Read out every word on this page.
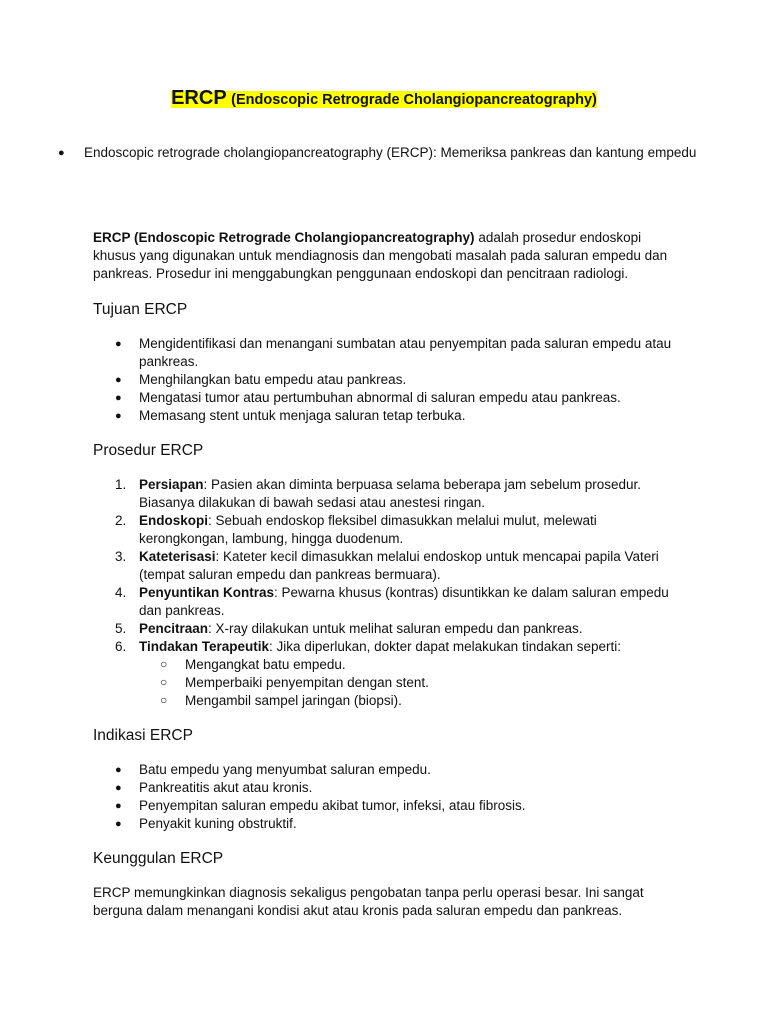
ERCP (Endoscopic Retrograde Cholangiopancreatography)
● Endoscopic retrograde cholangiopancreatography (ERCP): Memeriksa pankreas dan kantung empedu

ERCP (Endoscopic Retrograde Cholangiopancreatography) adalah prosedur endoskopi khusus yang digunakan untuk mendiagnosis dan mengobati masalah pada saluran empedu dan pankreas. Prosedur ini menggabungkan penggunaan endoskopi dan pencitraan radiologi.

Tujuan ERCP
● Mengidentifikasi dan menangani sumbatan atau penyempitan pada saluran empedu atau pankreas.
● Menghilangkan batu empedu atau pankreas.
● Mengatasi tumor atau pertumbuhan abnormal di saluran empedu atau pankreas.
● Memasang stent untuk menjaga saluran tetap terbuka.
Prosedur ERCP
1. Persiapan: Pasien akan diminta berpuasa selama beberapa jam sebelum prosedur. Biasanya dilakukan di bawah sedasi atau anestesi ringan.
2. Endoskopi: Sebuah endoskop fleksibel dimasukkan melalui mulut, melewati kerongkongan, lambung, hingga duodenum.
3. Kateterisasi: Kateter kecil dimasukkan melalui endoskop untuk mencapai papila Vateri (tempat saluran empedu dan pankreas bermuara).
4. Penyuntikan Kontras: Pewarna khusus (kontras) disuntikkan ke dalam saluran empedu dan pankreas.
5. Pencitraan: X-ray dilakukan untuk melihat saluran empedu dan pankreas.
6. Tindakan Terapeutik: Jika diperlukan, dokter dapat melakukan tindakan seperti:
○ Mengangkat batu empedu.
○ Memperbaiki penyempitan dengan stent.
○ Mengambil sampel jaringan (biopsi).
Indikasi ERCP
● Batu empedu yang menyumbat saluran empedu.
● Pankreatitis akut atau kronis.
● Penyempitan saluran empedu akibat tumor, infeksi, atau fibrosis.
● Penyakit kuning obstruktif.
Keunggulan ERCP

ERCP memungkinkan diagnosis sekaligus pengobatan tanpa perlu operasi besar. Ini sangat berguna dalam menangani kondisi akut atau kronis pada saluran empedu dan pankreas.
